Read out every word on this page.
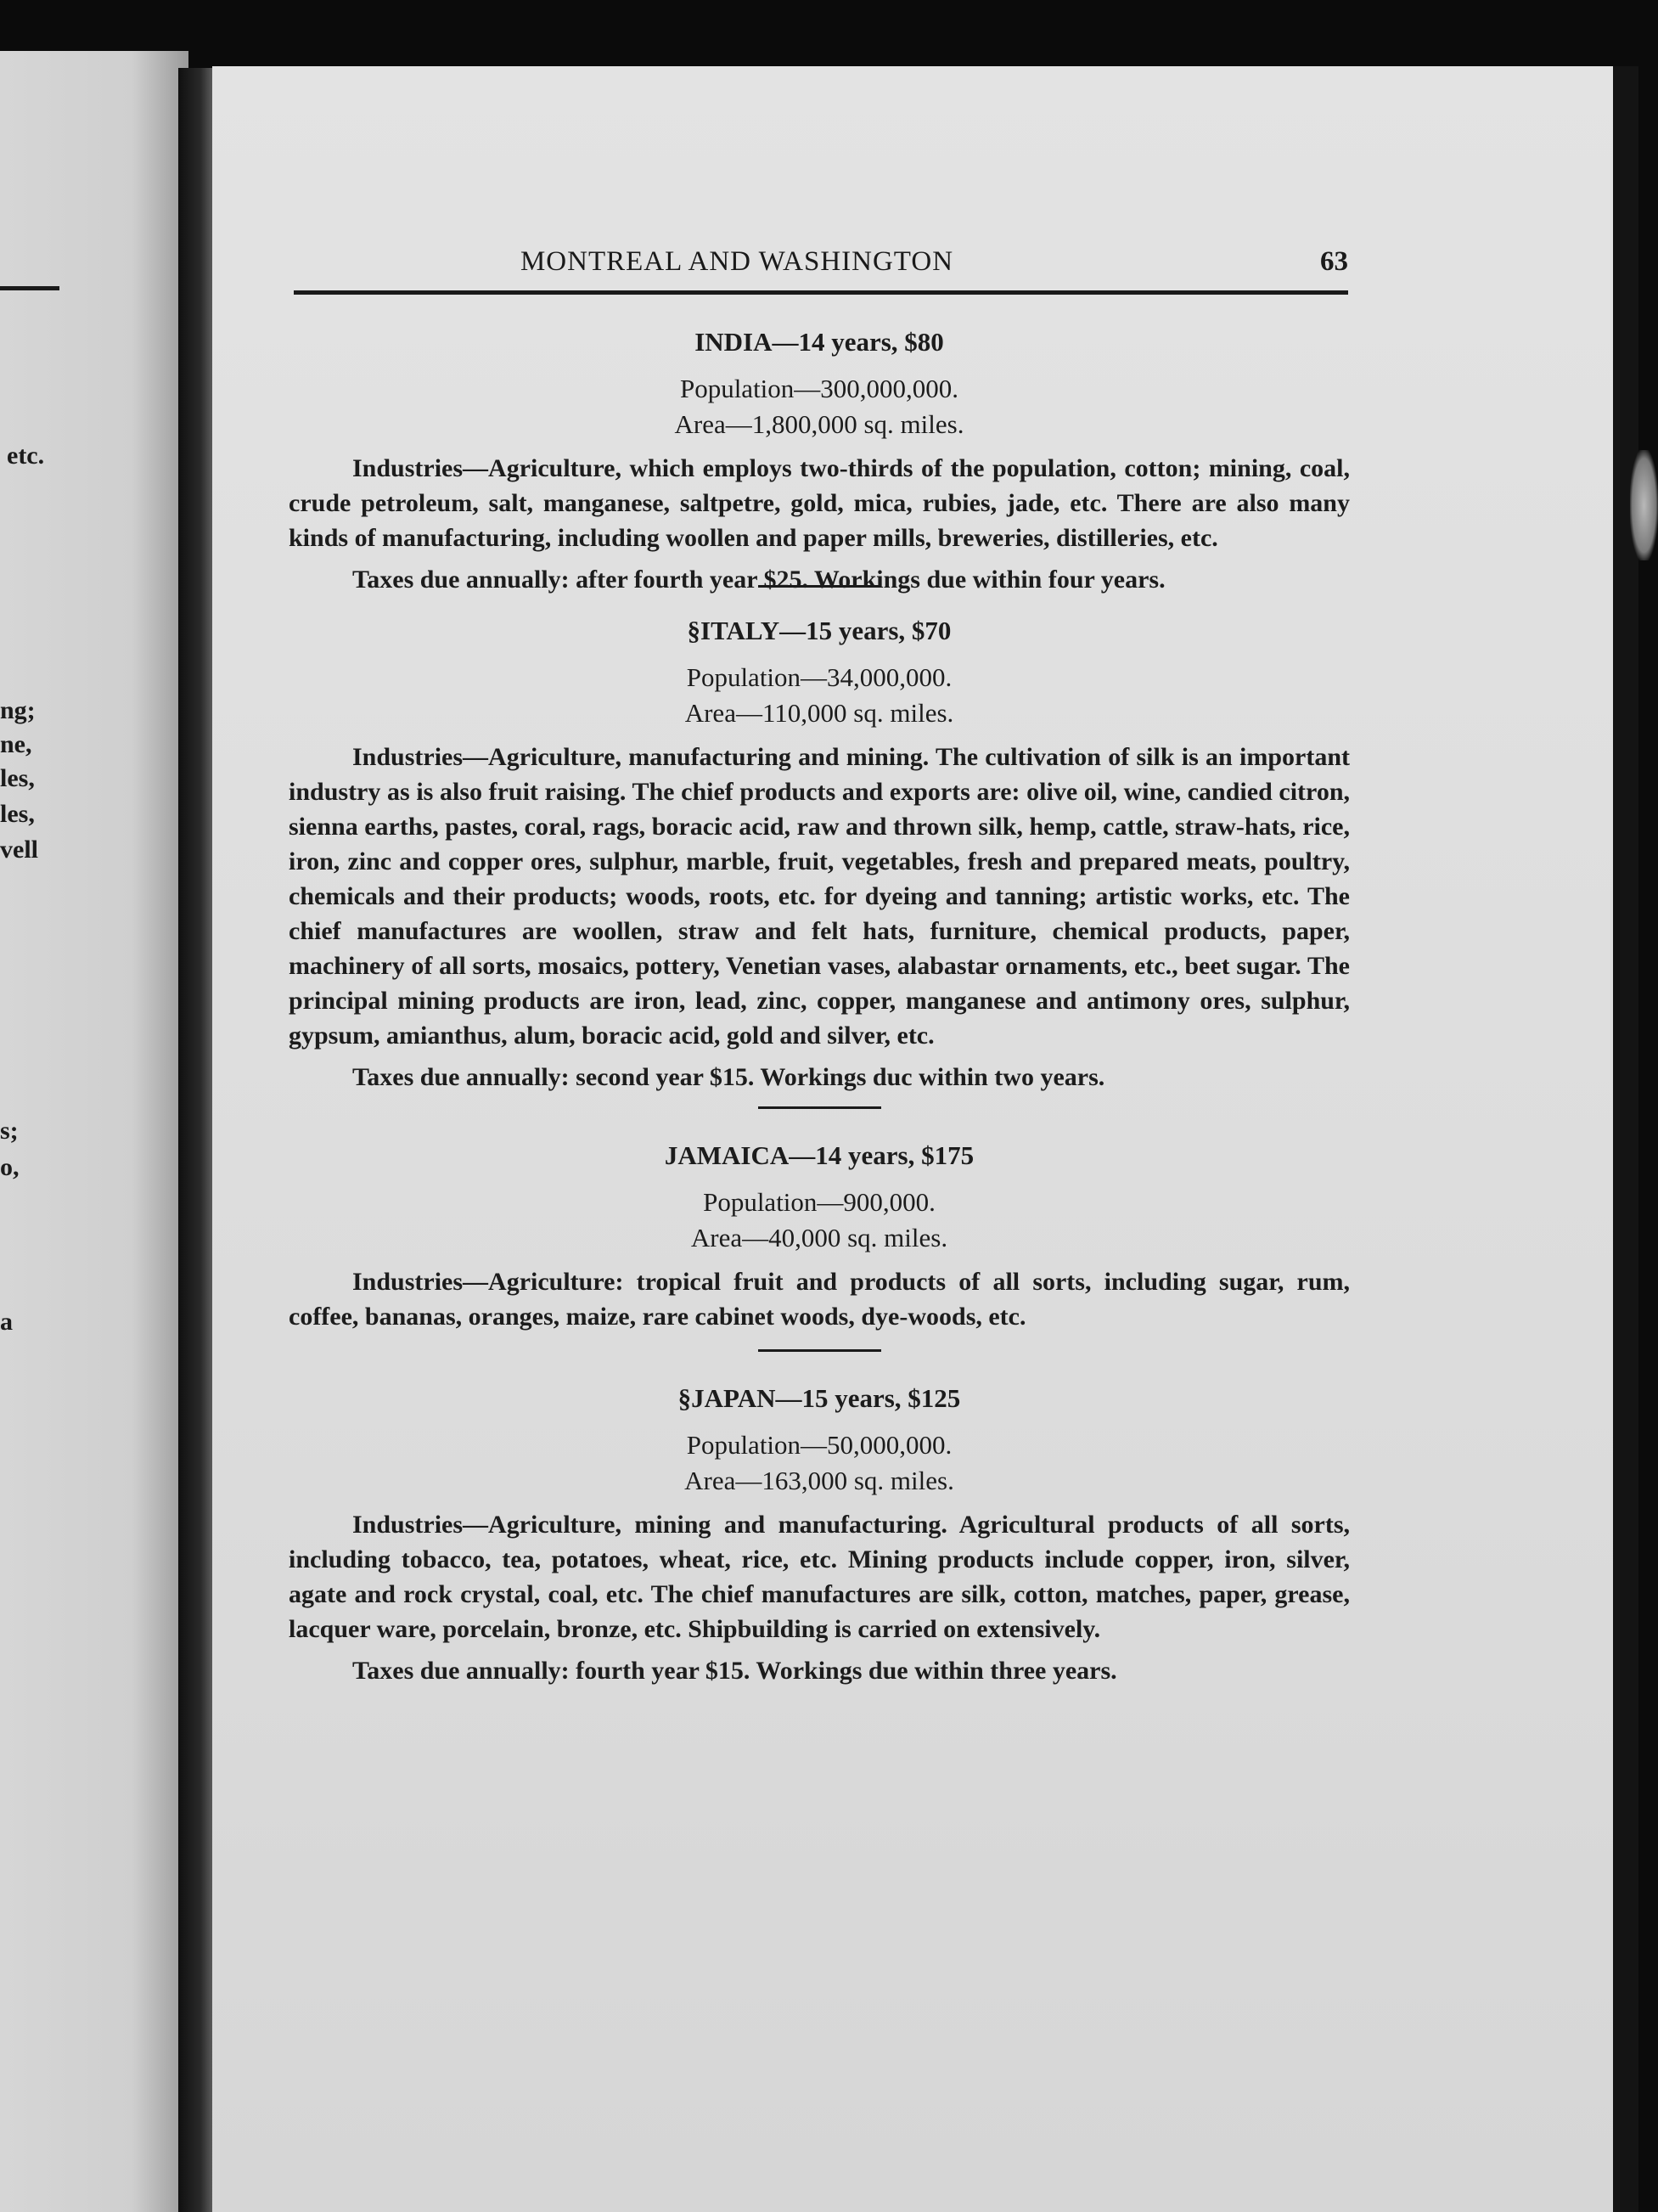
etc.
ng;
ne,
les,
les,
vell
s;
o,
a
MONTREAL AND WASHINGTON	63
INDIA—14 years, $80
Population—300,000,000.
Area—1,800,000 sq. miles.
Industries—Agriculture, which employs two-thirds of the population, cotton; mining, coal, crude petroleum, salt, manganese, saltpetre, gold, mica, rubies, jade, etc. There are also many kinds of manufacturing, including woollen and paper mills, breweries, distilleries, etc.
Taxes due annually: after fourth year $25. Workings due within four years.
§ITALY—15 years, $70
Population—34,000,000.
Area—110,000 sq. miles.
Industries—Agriculture, manufacturing and mining. The cultivation of silk is an important industry as is also fruit raising. The chief products and exports are: olive oil, wine, candied citron, sienna earths, pastes, coral, rags, boracic acid, raw and thrown silk, hemp, cattle, straw-hats, rice, iron, zinc and copper ores, sulphur, marble, fruit, vegetables, fresh and prepared meats, poultry, chemicals and their products; woods, roots, etc. for dyeing and tanning; artistic works, etc. The chief manufactures are woollen, straw and felt hats, furniture, chemical products, paper, machinery of all sorts, mosaics, pottery, Venetian vases, alabastar ornaments, etc., beet sugar. The principal mining products are iron, lead, zinc, copper, manganese and antimony ores, sulphur, gypsum, amianthus, alum, boracic acid, gold and silver, etc.
Taxes due annually: second year $15. Workings duc within two years.
JAMAICA—14 years, $175
Population—900,000.
Area—40,000 sq. miles.
Industries—Agriculture: tropical fruit and products of all sorts, including sugar, rum, coffee, bananas, oranges, maize, rare cabinet woods, dye-woods, etc.
§JAPAN—15 years, $125
Population—50,000,000.
Area—163,000 sq. miles.
Industries—Agriculture, mining and manufacturing. Agricultural products of all sorts, including tobacco, tea, potatoes, wheat, rice, etc. Mining products include copper, iron, silver, agate and rock crystal, coal, etc. The chief manufactures are silk, cotton, matches, paper, grease, lacquer ware, porcelain, bronze, etc. Shipbuilding is carried on extensively.
Taxes due annually: fourth year $15. Workings due within three years.
